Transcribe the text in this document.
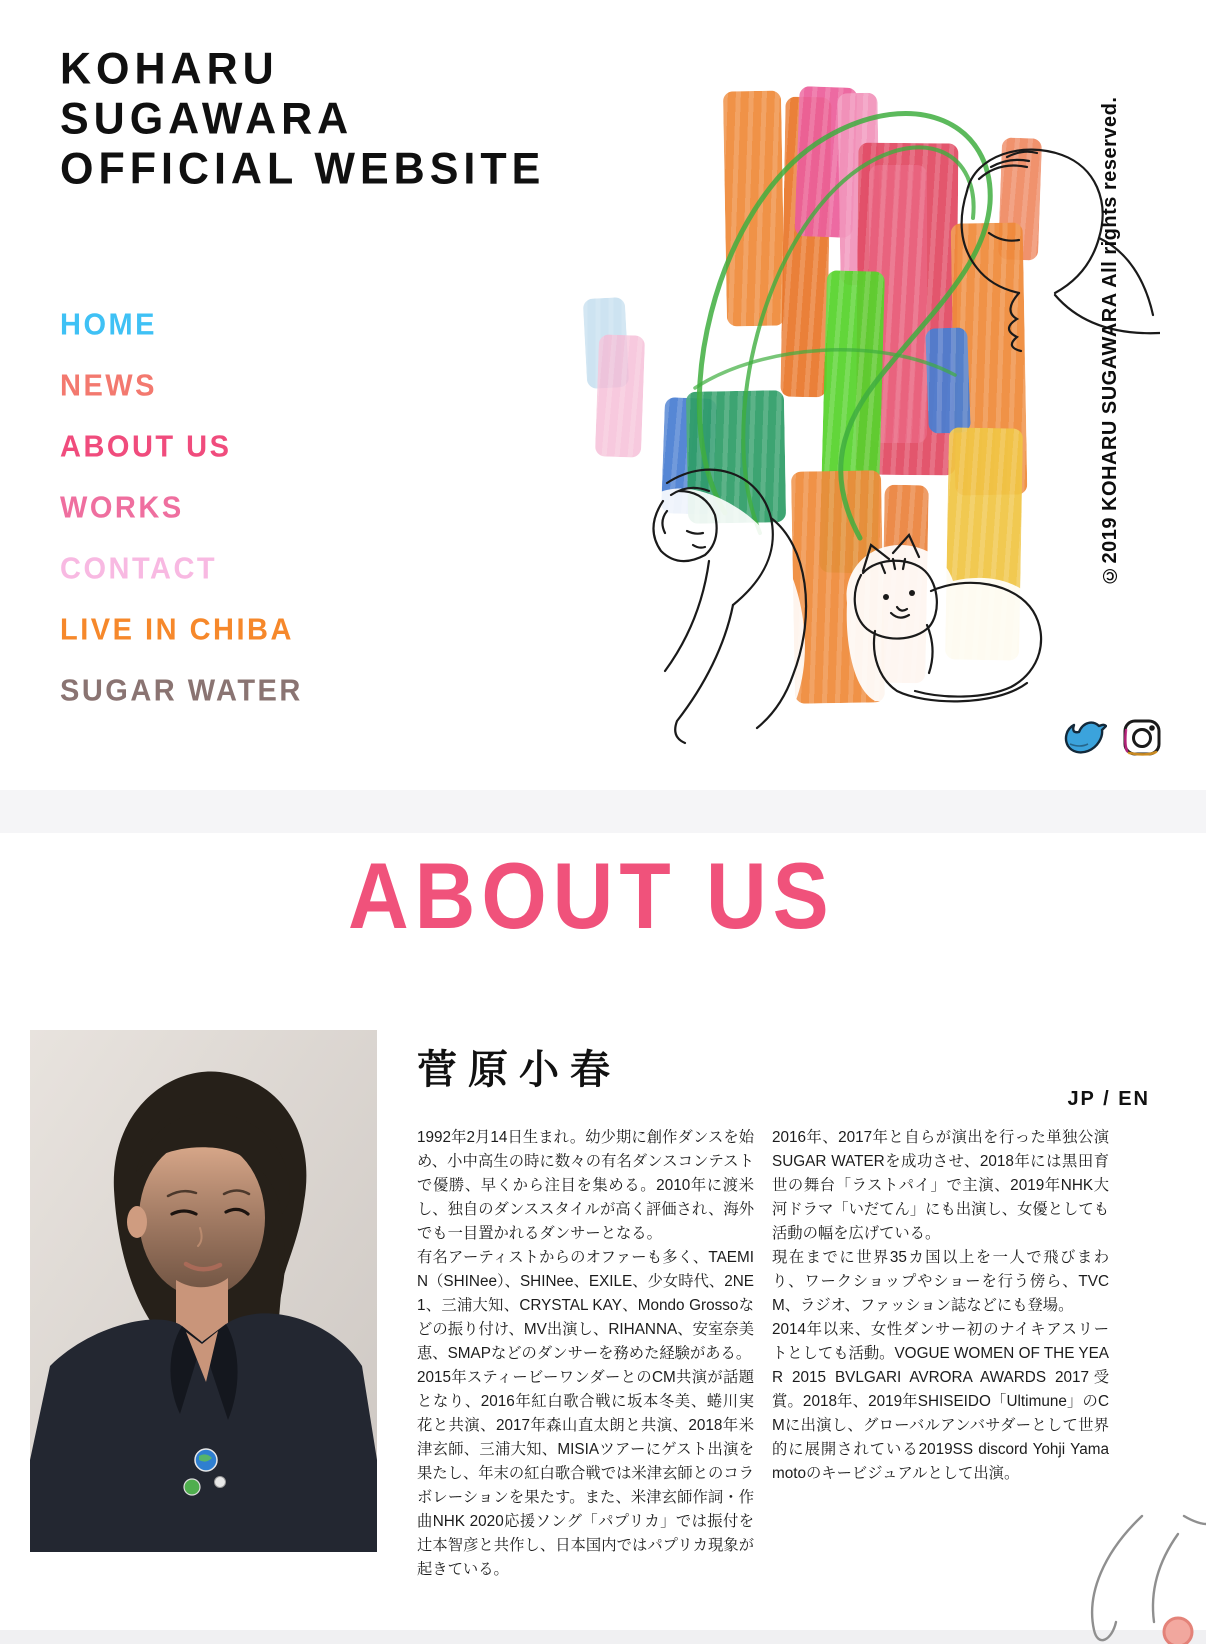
KOHARU
SUGAWARA
OFFICIAL WEBSITE
HOME
NEWS
ABOUT US
WORKS
CONTACT
LIVE IN CHIBA
SUGAR WATER
©2019 KOHARU SUGAWARA All rights reserved.
ABOUT US
菅原小春
JP / EN

1992年2月14日生まれ。幼少期に創作ダンスを始め、小中高生の時に数々の有名ダンスコンテストで優勝、早くから注目を集める。2010年に渡米し、独自のダンススタイルが高く評価され、海外でも一目置かれるダンサーとなる。

有名アーティストからのオファーも多く、TAEMIN（SHINee）、SHINee、EXILE、少女時代、2NE1、三浦大知、CRYSTAL KAY、Mondo Grossoなどの振り付け、MV出演し、RIHANNA、安室奈美恵、SMAPなどのダンサーを務めた経験がある。

2015年スティービーワンダーとのCM共演が話題となり、2016年紅白歌合戦に坂本冬美、蜷川実花と共演、2017年森山直太朗と共演、2018年米津玄師、三浦大知、MISIAツアーにゲスト出演を果たし、年末の紅白歌合戦では米津玄師とのコラボレーションを果たす。また、米津玄師作詞・作曲NHK 2020応援ソング「パプリカ」では振付を辻本智彦と共作し、日本国内ではパプリカ現象が起きている。

2016年、2017年と自らが演出を行った単独公演SUGAR WATERを成功させ、2018年には黒田育世の舞台「ラストパイ」で主演、2019年NHK大河ドラマ「いだてん」にも出演し、女優としても活動の幅を広げている。

現在までに世界35カ国以上を一人で飛びまわり、ワークショップやショーを行う傍ら、TVCM、ラジオ、ファッション誌などにも登場。

2014年以来、女性ダンサー初のナイキアスリートとしても活動。VOGUE WOMEN OF THE YEAR 2015 BVLGARI AVRORA AWARDS 2017受賞。2018年、2019年SHISEIDO「Ultimune」のCMに出演し、グローバルアンバサダーとして世界的に展開されている2019SS discord Yohji Yamamotoのキービジュアルとして出演。
